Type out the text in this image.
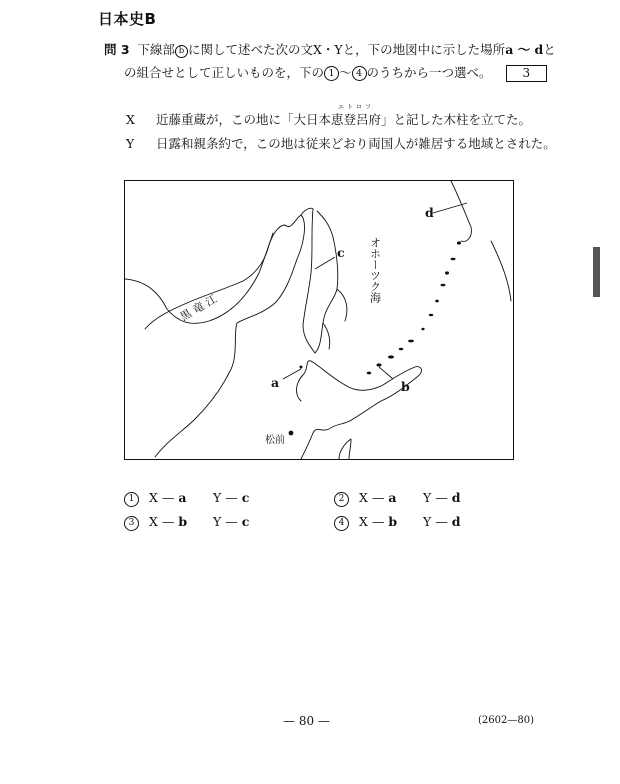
日本史B
問 3 下線部 b に関して述べた次の文X・Yと，下の地図中に示した場所a ～ dと
の組合せとして正しいものを，下の 1 ～ 4 のうちから一つ選べ。	3
X 近藤重蔵が，この地に「大日本
エトロフ
恵登呂府」と記した木柱を立てた。
Y 日露和親条約で，この地は従来どおり両国人が雑居する地域とされた。
a	b
c
d
松前
黒 竜 江
オホーツク海
1 X — a Y — c	2 X — a Y — d
3 X — b Y — c	4 X — b Y — d
— 80 —	(2602—80)
